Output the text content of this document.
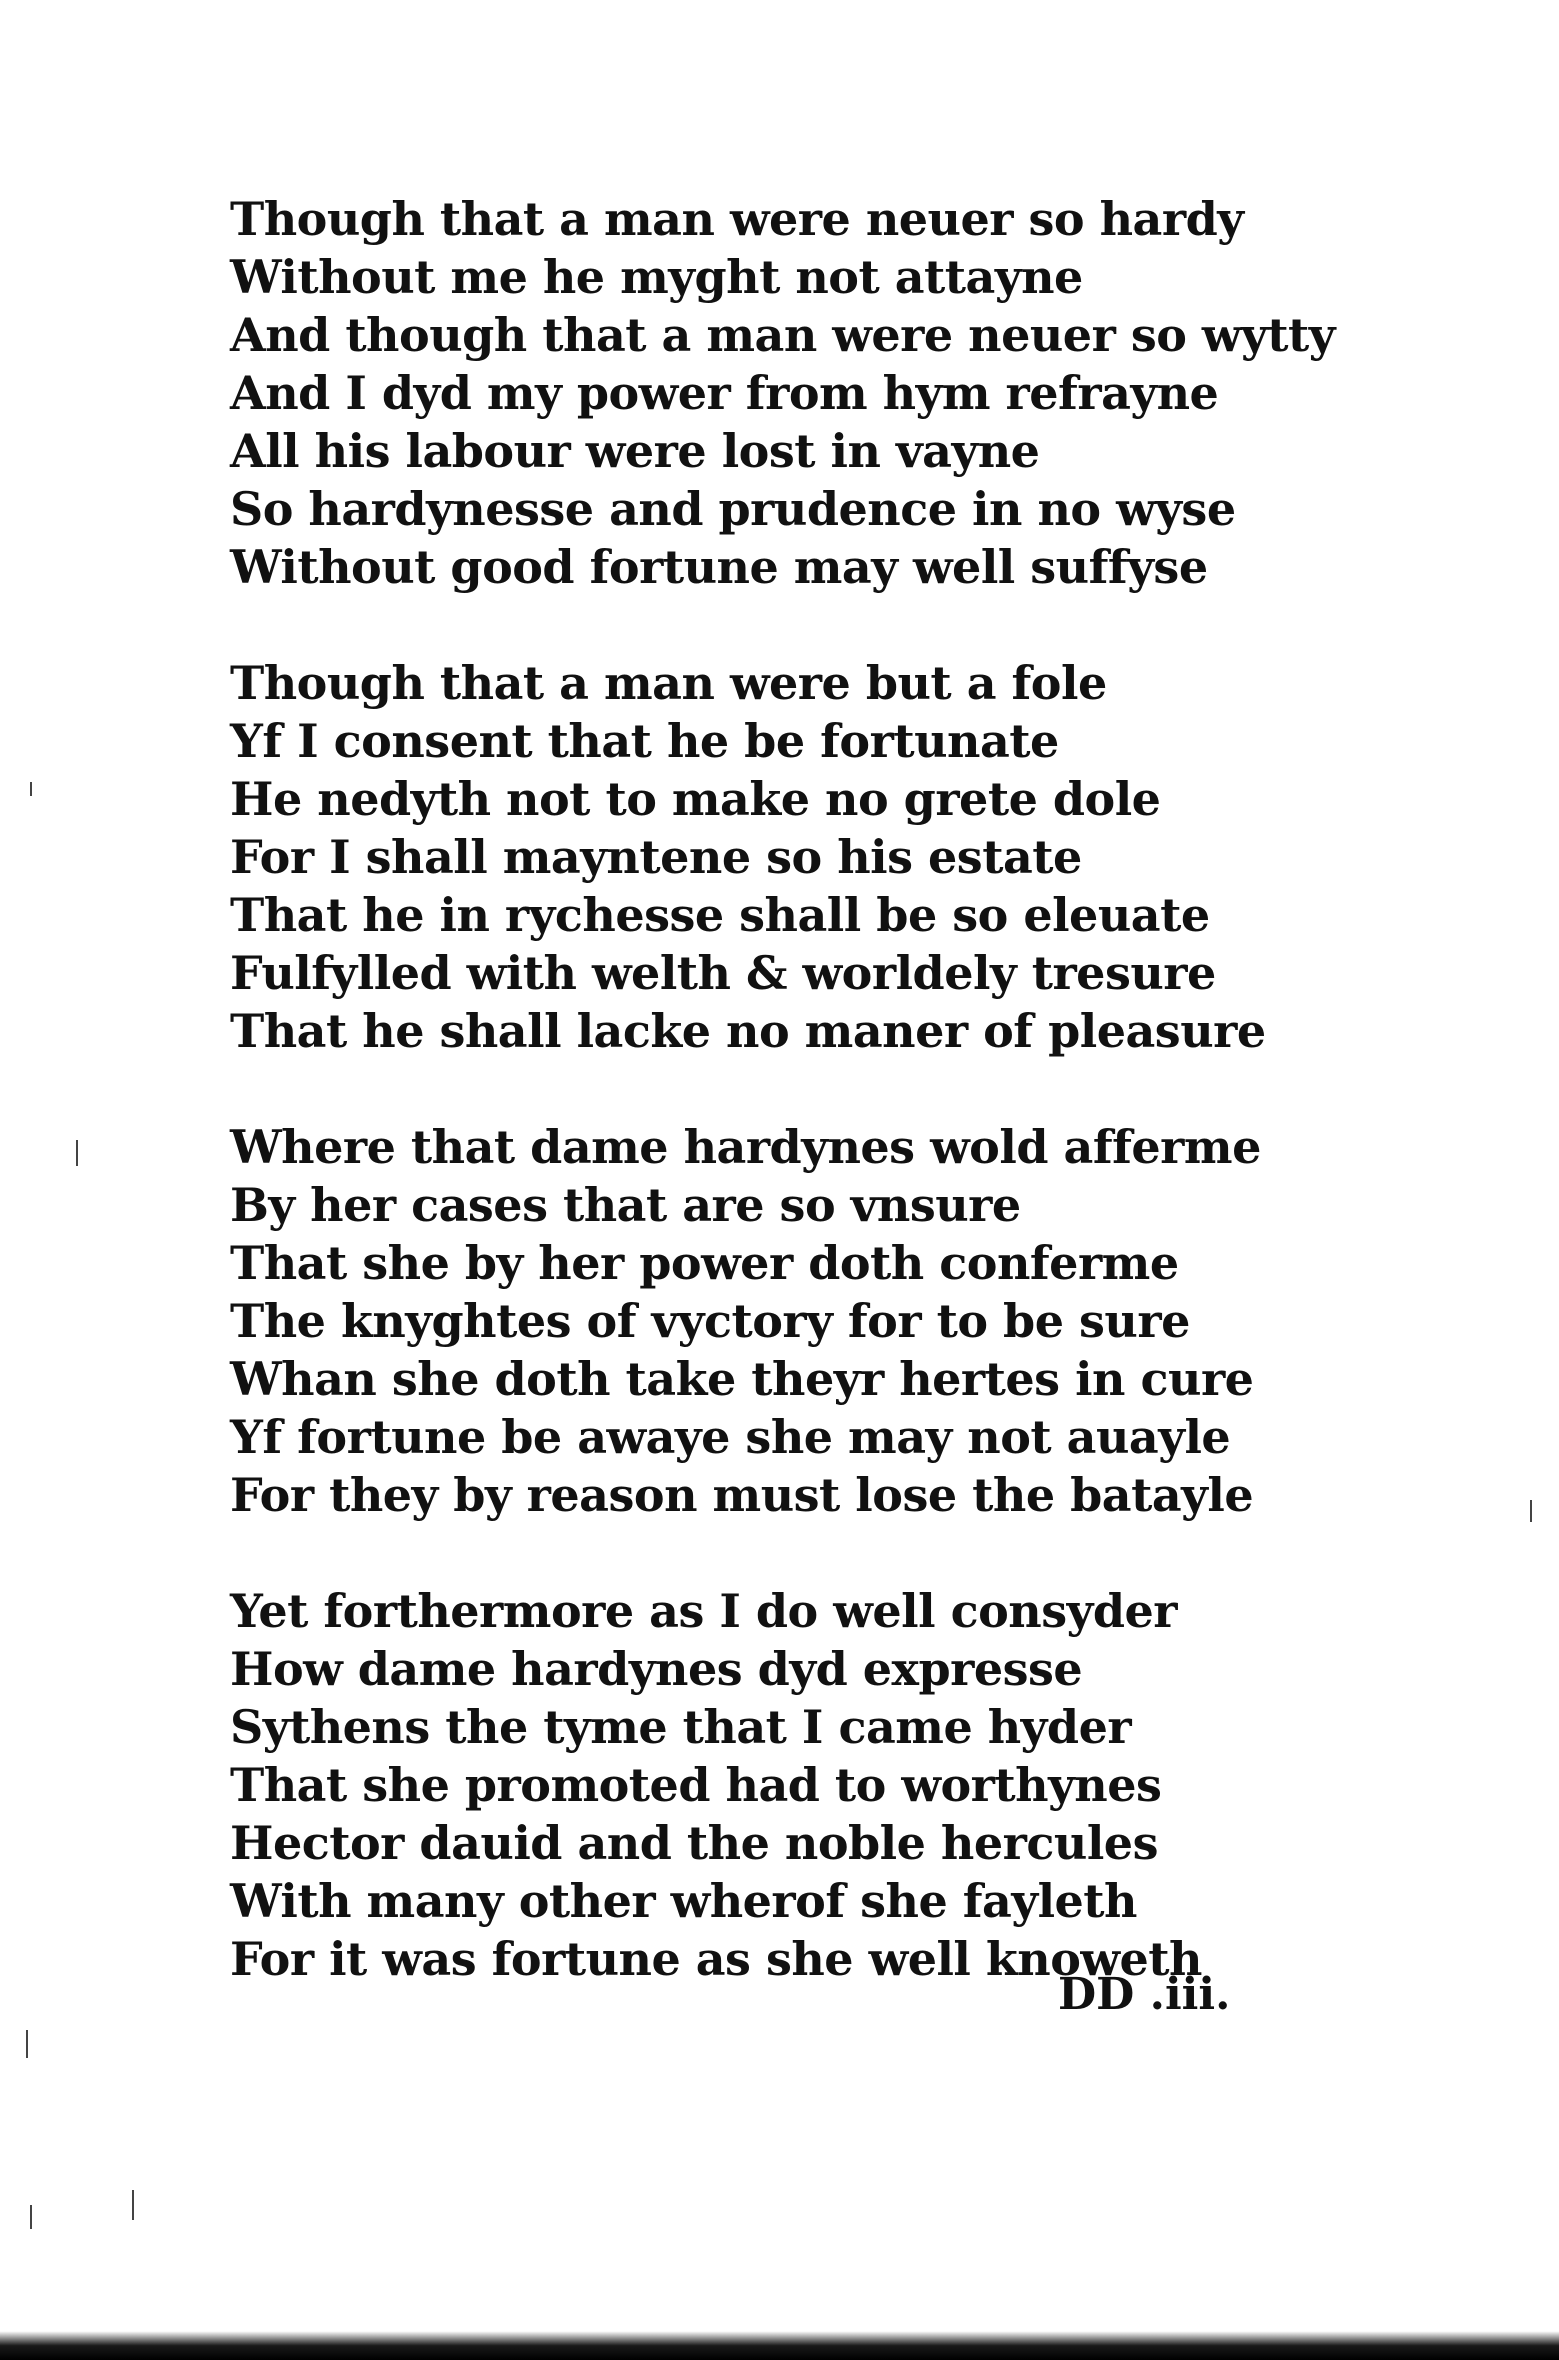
Though that a man were neuer so hardy
Without me he myght not attayne
And though that a man were neuer so wytty
And I dyd my power from hym refrayne
All his labour were lost in vayne
So hardynesse and prudence in no wyse
Without good fortune may well suffyse
Though that a man were but a fole
Yf I consent that he be fortunate
He nedyth not to make no grete dole
For I shall mayntene so his estate
That he in rychesse shall be so eleuate
Fulfylled with welth & worldely tresure
That he shall lacke no maner of pleasure
Where that dame hardynes wold afferme
By her cases that are so vnsure
That she by her power doth conferme
The knyghtes of vyctory for to be sure
Whan she doth take theyr hertes in cure
Yf fortune be awaye she may not auayle
For they by reason must lose the batayle
Yet forthermore as I do well consyder
How dame hardynes dyd expresse
Sythens the tyme that I came hyder
That she promoted had to worthynes
Hector dauid and the noble hercules
With many other wherof she fayleth
For it was fortune as she well knoweth
DD .iii.
